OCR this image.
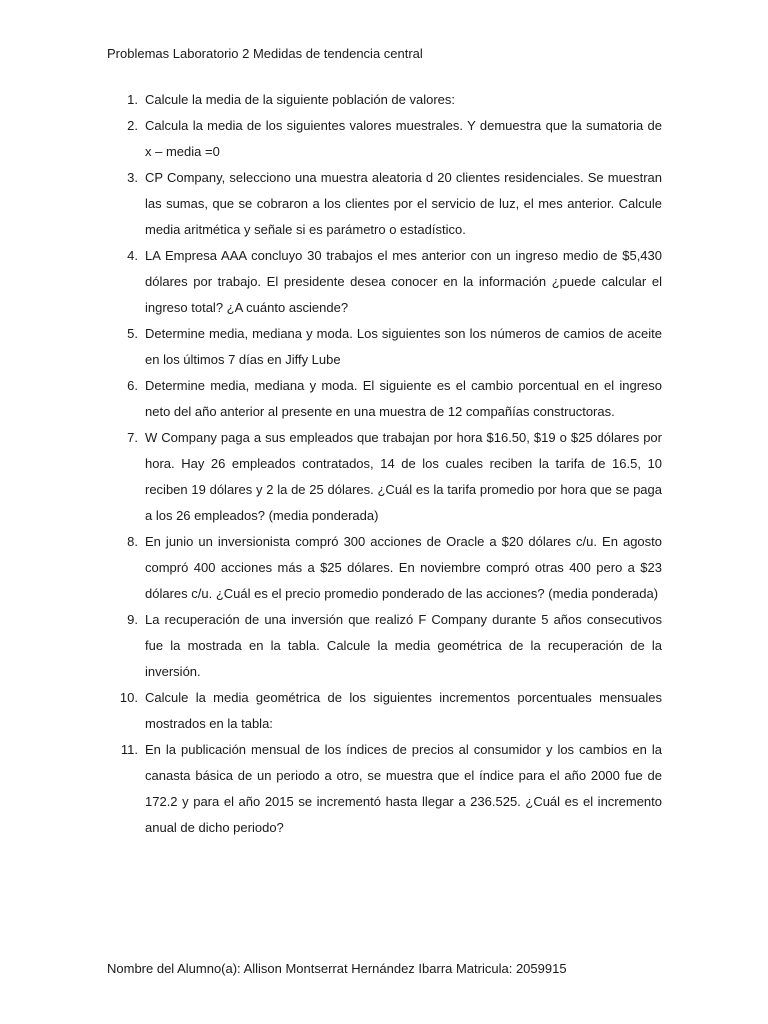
Problemas Laboratorio 2 Medidas de tendencia central
1. Calcule la media de la siguiente población de valores:
2. Calcula la media de los siguientes valores muestrales. Y demuestra que la sumatoria de x – media =0
3. CP Company, selecciono una muestra aleatoria d 20 clientes residenciales. Se muestran las sumas, que se cobraron a los clientes por el servicio de luz, el mes anterior. Calcule media aritmética y señale si es parámetro o estadístico.
4. LA Empresa AAA concluyo 30 trabajos el mes anterior con un ingreso medio de $5,430 dólares por trabajo. El presidente desea conocer en la información ¿puede calcular el ingreso total? ¿A cuánto asciende?
5. Determine media, mediana y moda. Los siguientes son los números de camios de aceite en los últimos 7 días en Jiffy Lube
6. Determine media, mediana y moda. El siguiente es el cambio porcentual en el ingreso neto del año anterior al presente en una muestra de 12 compañías constructoras.
7. W Company paga a sus empleados que trabajan por hora $16.50, $19 o $25 dólares por hora. Hay 26 empleados contratados, 14 de los cuales reciben la tarifa de 16.5, 10 reciben 19 dólares y 2 la de 25 dólares. ¿Cuál es la tarifa promedio por hora que se paga a los 26 empleados? (media ponderada)
8. En junio un inversionista compró 300 acciones de Oracle a $20 dólares c/u. En agosto compró 400 acciones más a $25 dólares. En noviembre compró otras 400 pero a $23 dólares c/u. ¿Cuál es el precio promedio ponderado de las acciones? (media ponderada)
9. La recuperación de una inversión que realizó F Company durante 5 años consecutivos fue la mostrada en la tabla. Calcule la media geométrica de la recuperación de la inversión.
10. Calcule la media geométrica de los siguientes incrementos porcentuales mensuales mostrados en la tabla:
11. En la publicación mensual de los índices de precios al consumidor y los cambios en la canasta básica de un periodo a otro, se muestra que el índice para el año 2000 fue de 172.2 y para el año 2015 se incrementó hasta llegar a 236.525. ¿Cuál es el incremento anual de dicho periodo?
Nombre del Alumno(a): Allison Montserrat Hernández Ibarra Matricula: 2059915
